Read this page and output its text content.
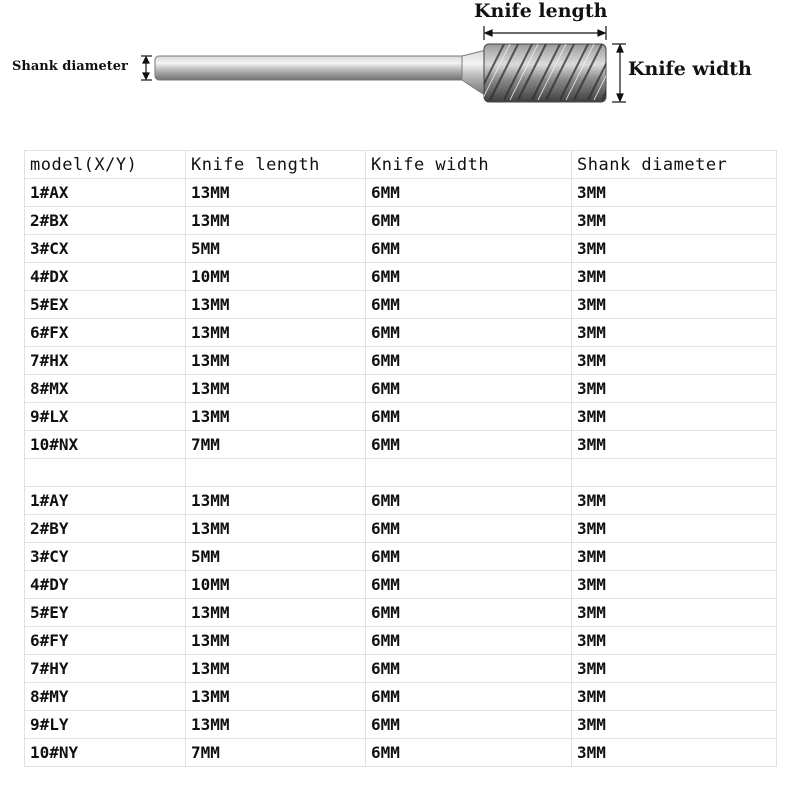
Shank diameter
Knife length
Knife width
model(X/Y)	Knife length	Knife width	Shank diameter
1#AX	13MM	6MM	3MM
2#BX	13MM	6MM	3MM
3#CX	5MM	6MM	3MM
4#DX	10MM	6MM	3MM
5#EX	13MM	6MM	3MM
6#FX	13MM	6MM	3MM
7#HX	13MM	6MM	3MM
8#MX	13MM	6MM	3MM
9#LX	13MM	6MM	3MM
10#NX	7MM	6MM	3MM

1#AY	13MM	6MM	3MM
2#BY	13MM	6MM	3MM
3#CY	5MM	6MM	3MM
4#DY	10MM	6MM	3MM
5#EY	13MM	6MM	3MM
6#FY	13MM	6MM	3MM
7#HY	13MM	6MM	3MM
8#MY	13MM	6MM	3MM
9#LY	13MM	6MM	3MM
10#NY	7MM	6MM	3MM
